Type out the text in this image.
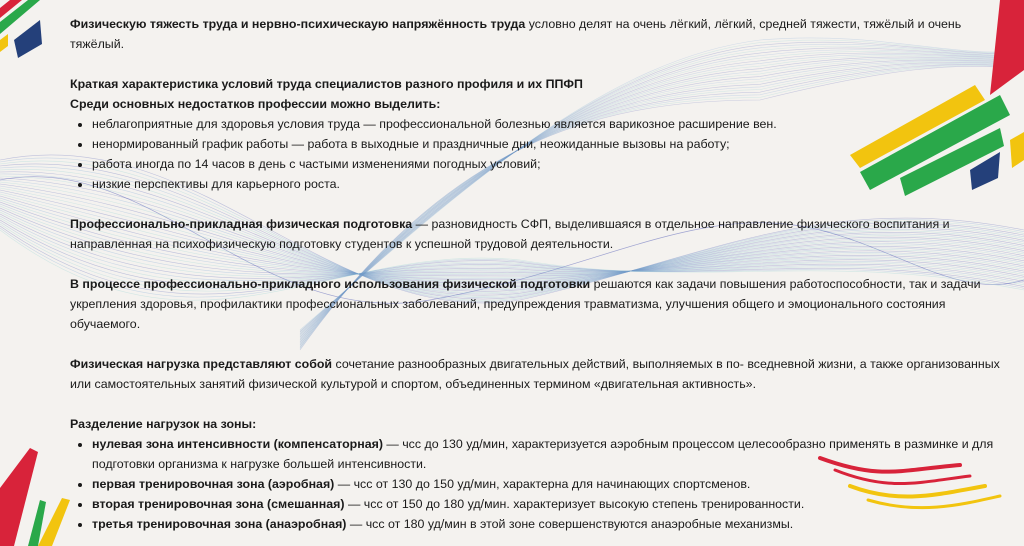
Физическую тяжесть труда и нервно-психическаую напряжённость труда условно делят на очень лёгкий, лёгкий, средней тяжести, тяжёлый и очень тяжёлый.

Краткая характеристика условий труда специалистов разного профиля и их ППФП

Среди основных недостатков профессии можно выделить:

• неблагоприятные для здоровья условия труда — профессиональной болезнью является варикозное расширение вен.
• ненормированный график работы — работа в выходные и праздничные дни, неожиданные вызовы на работу;
• работа иногда по 14 часов в день с частыми изменениями погодных условий;
• низкие перспективы для карьерного роста.

Профессионально-прикладная физическая подготовка — разновидность СФП, выделившаяся в отдельное направление физического воспитания и направленная на психофизическую подготовку студентов к успешной трудовой деятельности.

В процессе профессионально-прикладного использования физической подготовки решаются как задачи повышения работоспособности, так и задачи укрепления здоровья, профилактики профессиональных заболеваний, предупреждения травматизма, улучшения общего и эмоционального состояния обучаемого.

Физическая нагрузка представляют собой сочетание разнообразных двигательных действий, выполняемых в по- вседневной жизни, а также организованных или самостоятельных занятий физической культурой и спортом, объединенных термином «двигательная активность».

Разделение нагрузок на зоны:

• нулевая зона интенсивности (компенсаторная) — чсс до 130 уд/мин, характеризуется аэробным процессом целесообразно применять в разминке и для подготовки организма к нагрузке большей интенсивности.
• первая тренировочная зона (аэробная) — чсс от 130 до 150 уд/мин, характерна для начинающих спортсменов.
• вторая тренировочная зона (смешанная) — чсс от 150 до 180 уд/мин. характеризует высокую степень тренированности.
• третья тренировочная зона (анаэробная) — чсс от 180 уд/мин в этой зоне совершенствуются анаэробные механизмы.
